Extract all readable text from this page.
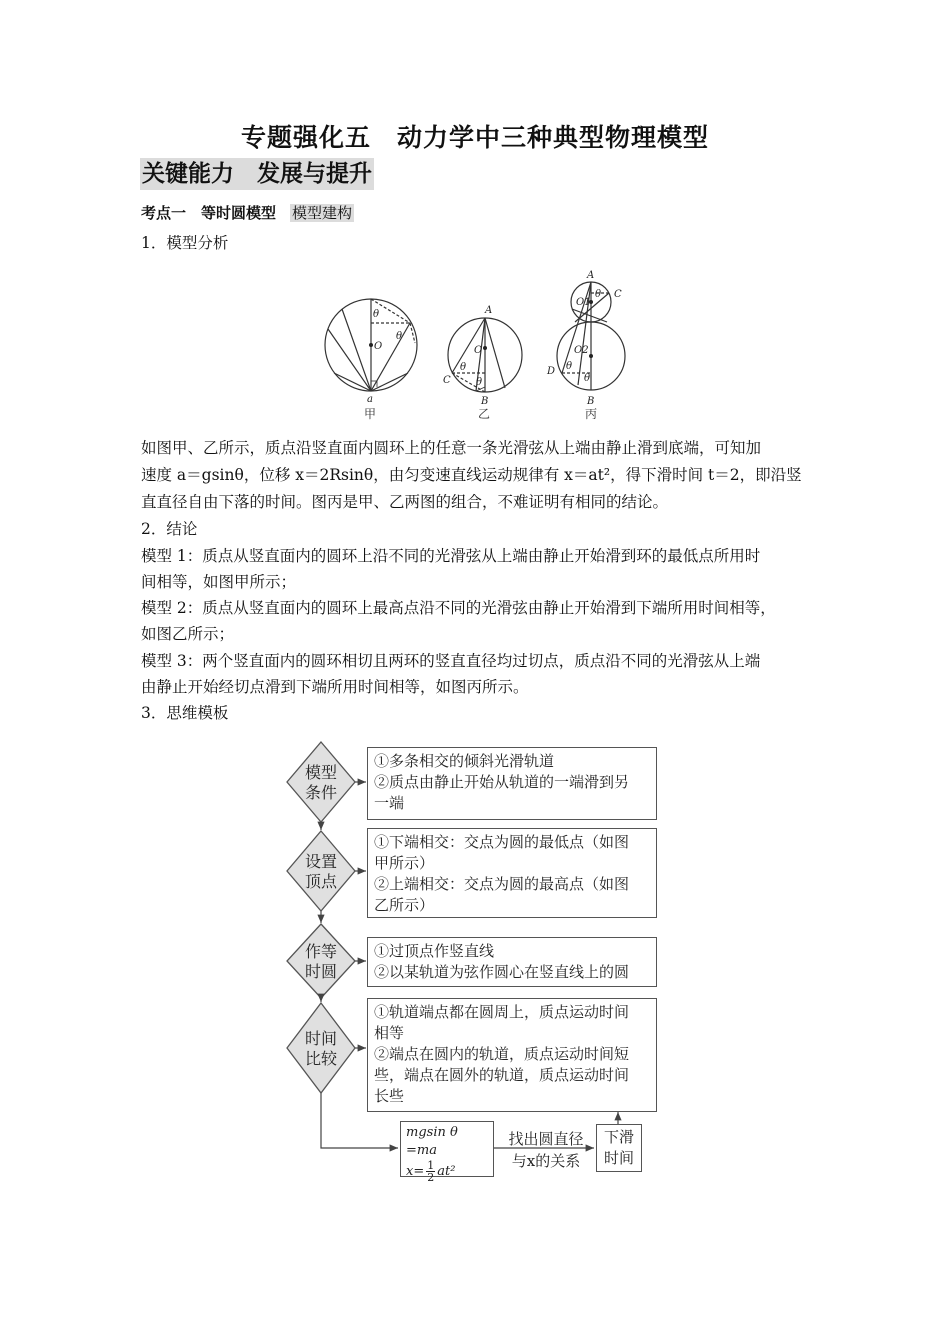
专题强化五　动力学中三种典型物理模型
关键能力　发展与提升
考点一　等时圆模型 模型建构
1．模型分析
O
θ
θ
a
A
O
C
B
θ
θ
A
O1
C
O2
D
B
θ
θ
θ
甲	乙	丙
如图甲、乙所示，质点沿竖直面内圆环上的任意一条光滑弦从上端由静止滑到底端，可知加
速度 a＝gsinθ，位移 x＝2Rsinθ，由匀变速直线运动规律有 x＝at²，得下滑时间 t＝2，即沿竖
直直径自由下落的时间。图丙是甲、乙两图的组合，不难证明有相同的结论。
2．结论
模型 1：质点从竖直面内的圆环上沿不同的光滑弦从上端由静止开始滑到环的最低点所用时
间相等，如图甲所示；
模型 2：质点从竖直面内的圆环上最高点沿不同的光滑弦由静止开始滑到下端所用时间相等，
如图乙所示；
模型 3：两个竖直面内的圆环相切且两环的竖直直径均过切点，质点沿不同的光滑弦从上端
由静止开始经切点滑到下端所用时间相等，如图丙所示。
3．思维模板
模型
条件
设置
顶点
作等
时圆
时间
比较
①多条相交的倾斜光滑轨道
②质点由静止开始从轨道的一端滑到另
一端
①下端相交：交点为圆的最低点（如图
甲所示）
②上端相交：交点为圆的最高点（如图
乙所示）
①过顶点作竖直线
②以某轨道为弦作圆心在竖直线上的圆
①轨道端点都在圆周上，质点运动时间
相等
②端点在圆内的轨道，质点运动时间短
些，端点在圆外的轨道，质点运动时间
长些
mgsin θ =ma
$x= \frac{1}{2} at^2$
找出圆直径
与x的关系
下滑
时间
